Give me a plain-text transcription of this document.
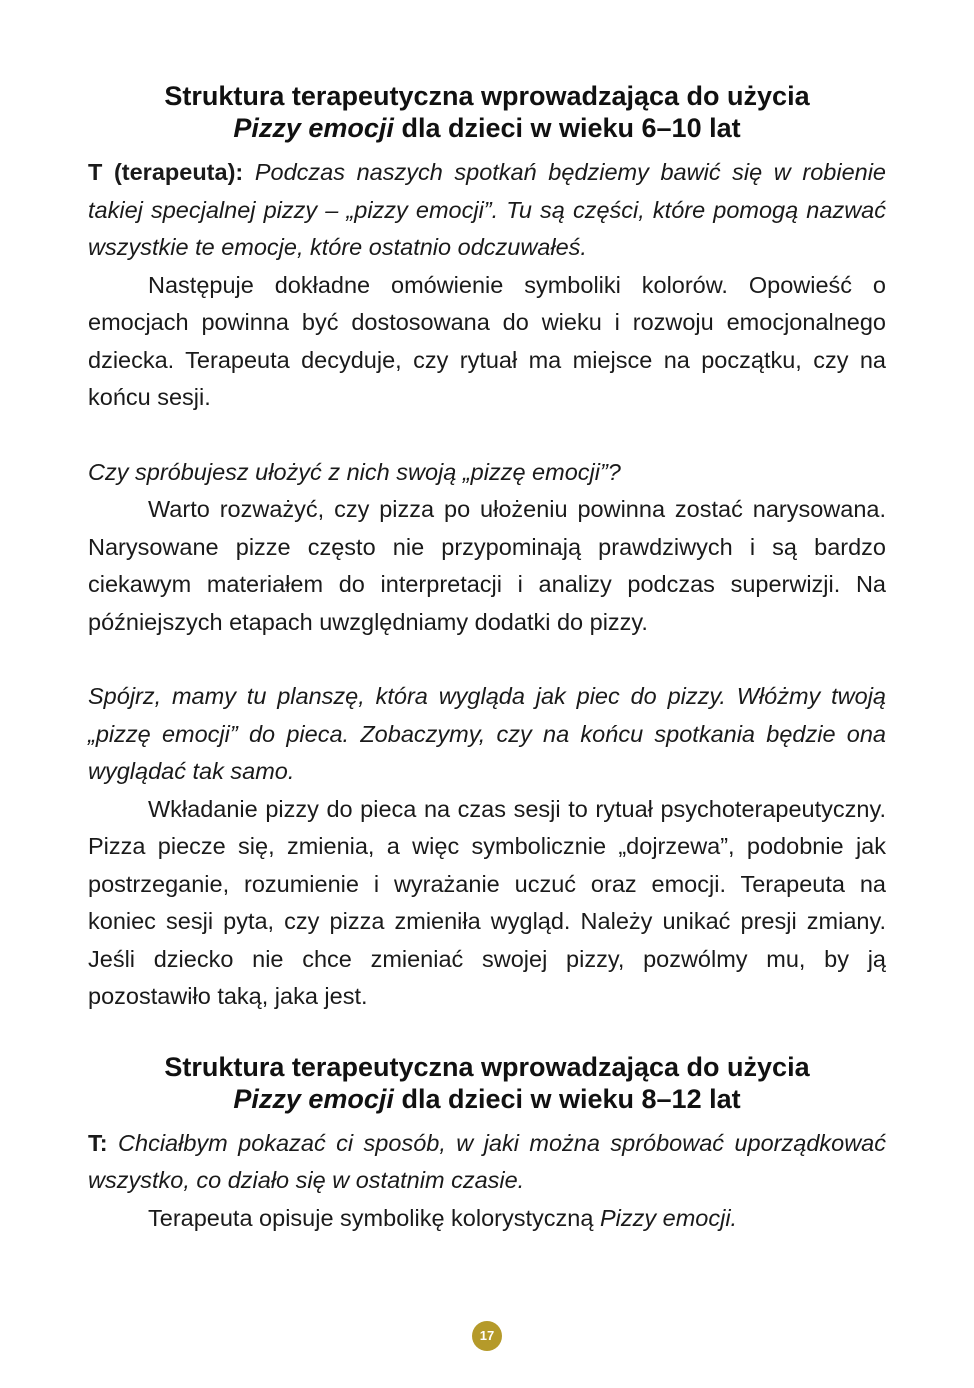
Struktura terapeutyczna wprowadzająca do użycia
Pizzy emocji dla dzieci w wieku 6–10 lat

T (terapeuta): Podczas naszych spotkań będziemy bawić się w robienie takiej specjalnej pizzy – „pizzy emocji”. Tu są części, które pomogą nazwać wszystkie te emocje, które ostatnio odczuwałeś.

Następuje dokładne omówienie symboliki kolorów. Opowieść o emocjach powinna być dostosowana do wieku i rozwoju emocjonalnego dziecka. Terapeuta decyduje, czy rytuał ma miejsce na początku, czy na końcu sesji.

Czy spróbujesz ułożyć z nich swoją „pizzę emocji”?

Warto rozważyć, czy pizza po ułożeniu powinna zostać narysowana. Narysowane pizze często nie przypominają prawdziwych i są bardzo ciekawym materiałem do interpretacji i analizy podczas superwizji. Na późniejszych etapach uwzględniamy dodatki do pizzy.

Spójrz, mamy tu planszę, która wygląda jak piec do pizzy. Włóżmy twoją „pizzę emocji” do pieca. Zobaczymy, czy na końcu spotkania będzie ona wyglądać tak samo.

Wkładanie pizzy do pieca na czas sesji to rytuał psychoterapeutyczny. Pizza piecze się, zmienia, a więc symbolicznie „dojrzewa”, podobnie jak postrzeganie, rozumienie i wyrażanie uczuć oraz emocji. Terapeuta na koniec sesji pyta, czy pizza zmieniła wygląd. Należy unikać presji zmiany. Jeśli dziecko nie chce zmieniać swojej pizzy, pozwólmy mu, by ją pozostawiło taką, jaka jest.

Struktura terapeutyczna wprowadzająca do użycia
Pizzy emocji dla dzieci w wieku 8–12 lat

T: Chciałbym pokazać ci sposób, w jaki można spróbować uporządkować wszystko, co działo się w ostatnim czasie.

Terapeuta opisuje symbolikę kolorystyczną Pizzy emocji.

17
